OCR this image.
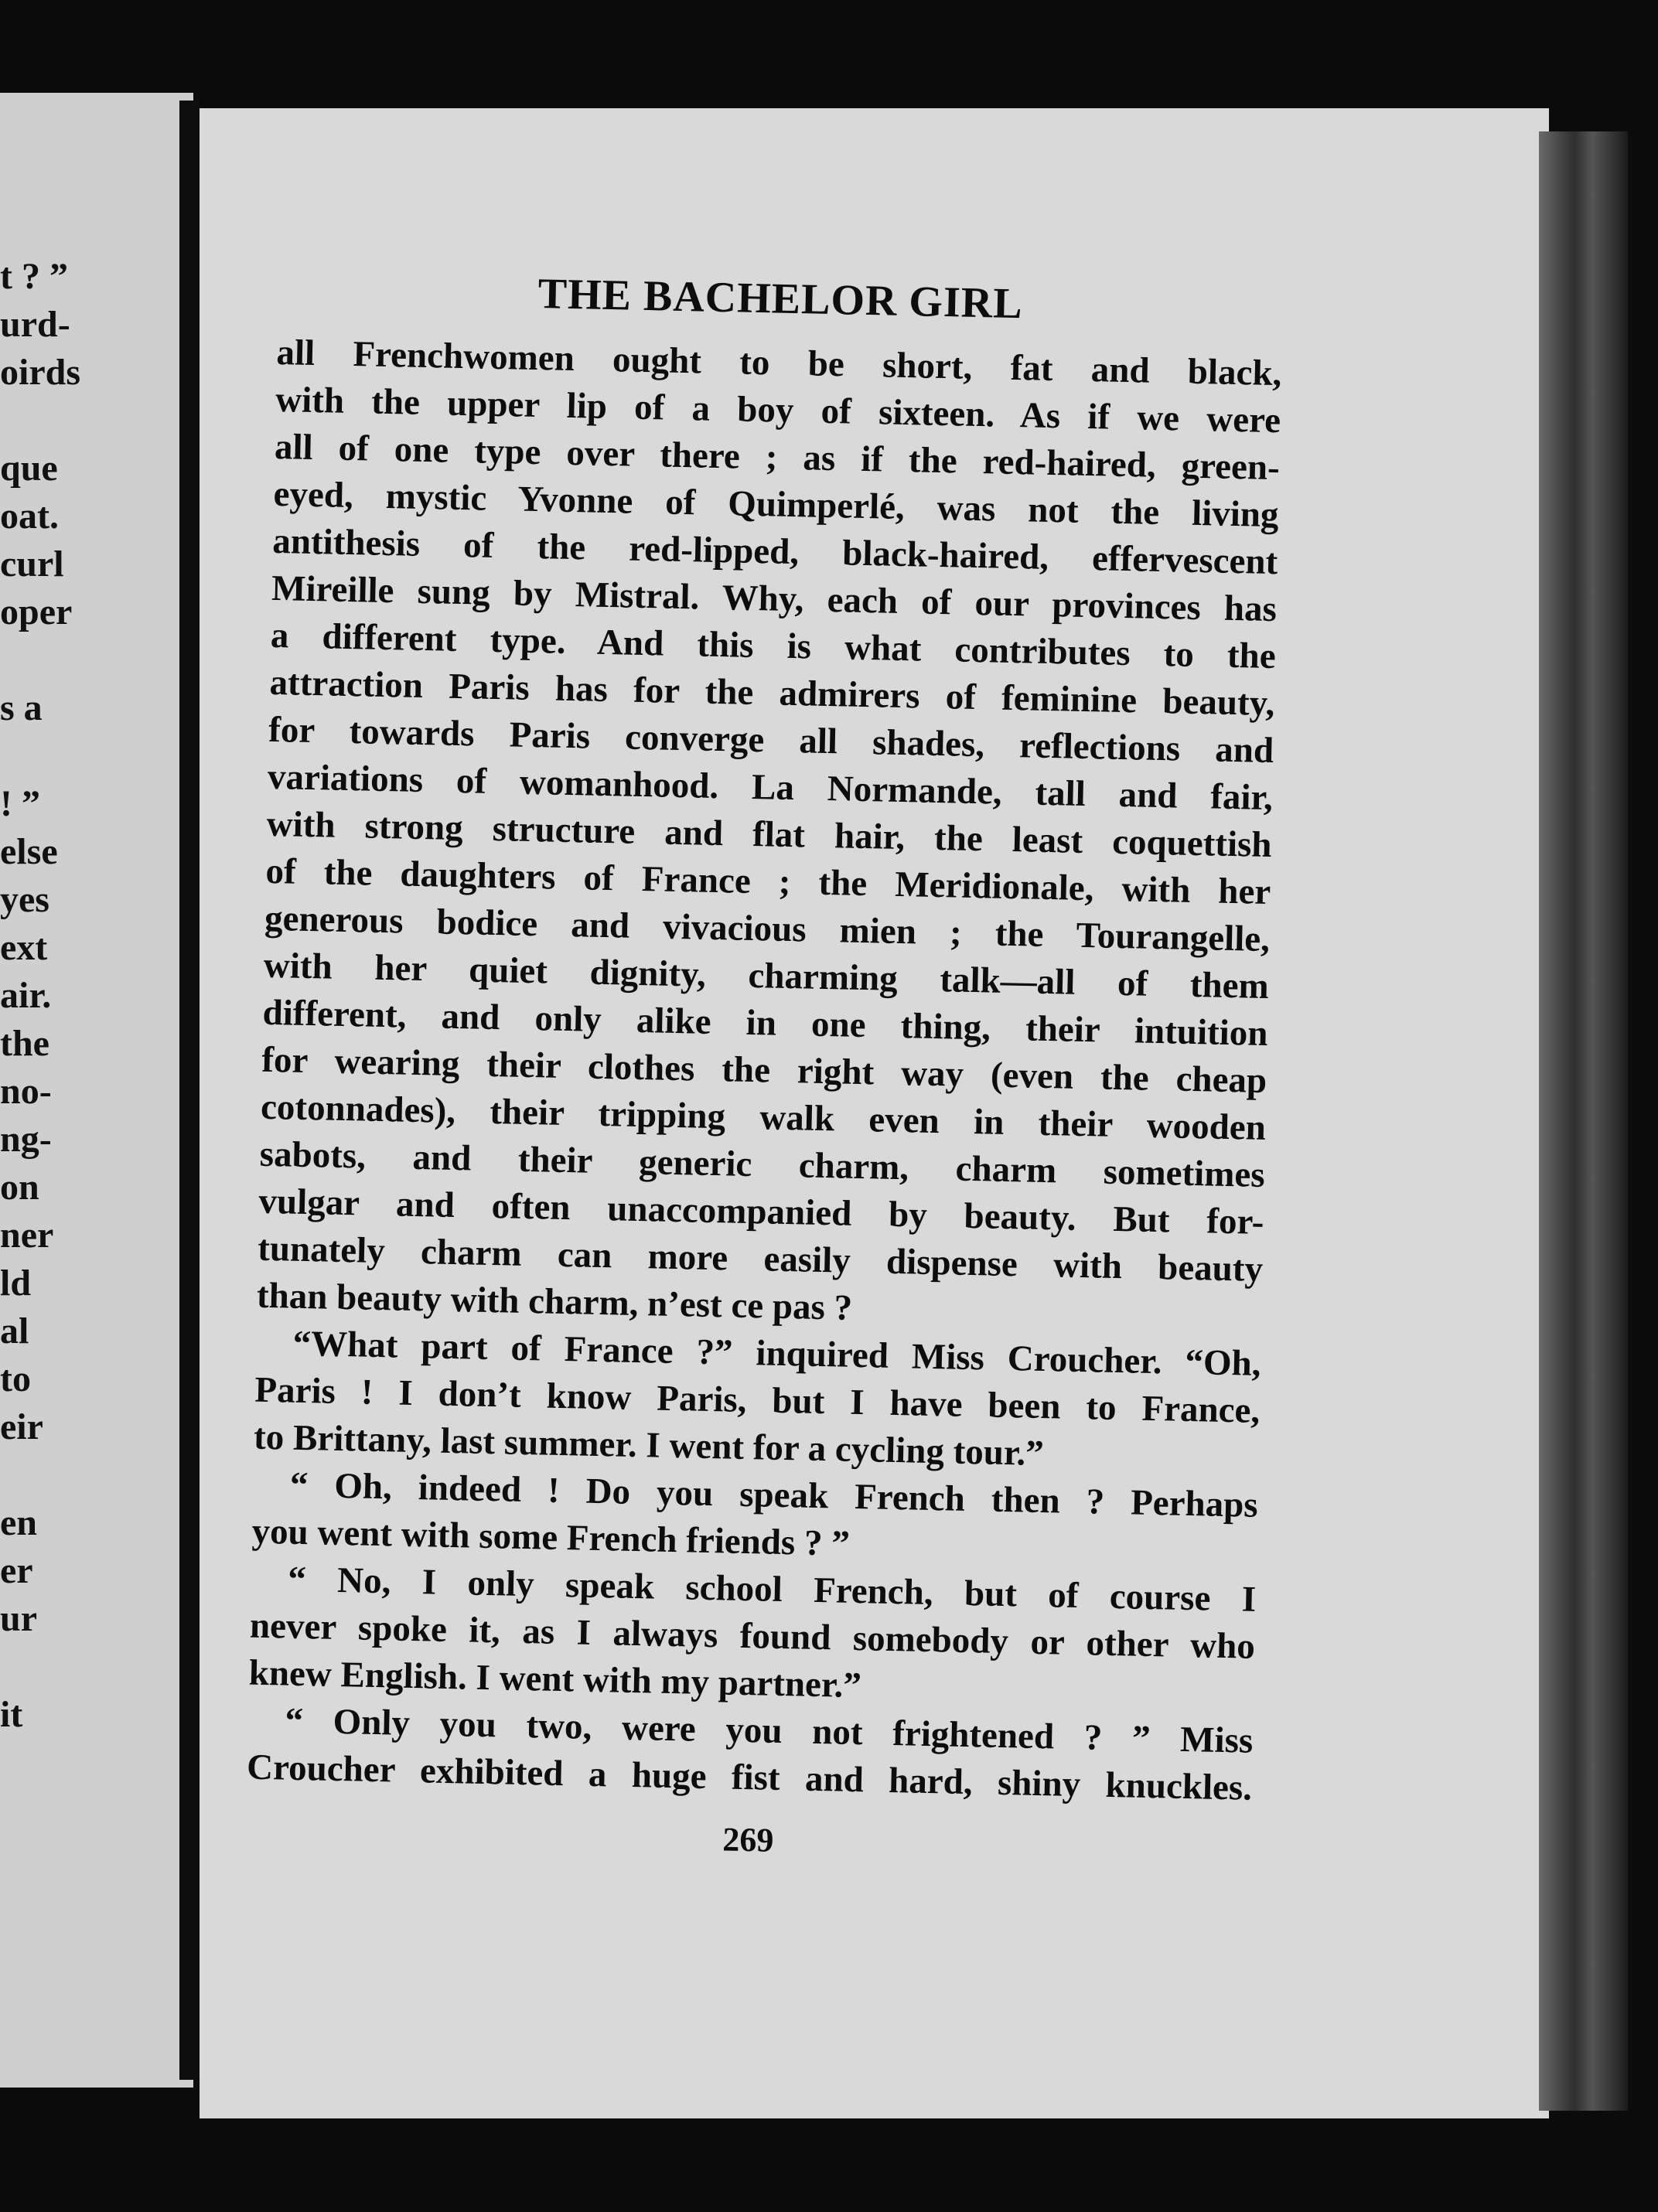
t ? ”
urd-
oirds
que
oat.
curl
oper
s a
! ”
else
yes
ext
air.
the
no-
ng-
on
ner
ld
al
to
eir
en
er
ur
it
THE BACHELOR GIRL
all Frenchwomen ought to be short, fat and black,
with the upper lip of a boy of sixteen. As if we were
all of one type over there ; as if the red-haired, green-
eyed, mystic Yvonne of Quimperlé, was not the living
antithesis of the red-lipped, black-haired, effervescent
Mireille sung by Mistral. Why, each of our provinces has
a different type. And this is what contributes to the
attraction Paris has for the admirers of feminine beauty,
for towards Paris converge all shades, reflections and
variations of womanhood. La Normande, tall and fair,
with strong structure and flat hair, the least coquettish
of the daughters of France ; the Meridionale, with her
generous bodice and vivacious mien ; the Tourangelle,
with her quiet dignity, charming talk—all of them
different, and only alike in one thing, their intuition
for wearing their clothes the right way (even the cheap
cotonnades), their tripping walk even in their wooden
sabots, and their generic charm, charm sometimes
vulgar and often unaccompanied by beauty. But for-
tunately charm can more easily dispense with beauty
than beauty with charm, n’est ce pas ?
“What part of France ?” inquired Miss Croucher. “Oh,
Paris ! I don’t know Paris, but I have been to France,
to Brittany, last summer. I went for a cycling tour.”
“ Oh, indeed ! Do you speak French then ? Perhaps
you went with some French friends ? ”
“ No, I only speak school French, but of course I
never spoke it, as I always found somebody or other who
knew English. I went with my partner.”
“ Only you two, were you not frightened ? ” Miss
Croucher exhibited a huge fist and hard, shiny knuckles.
269
